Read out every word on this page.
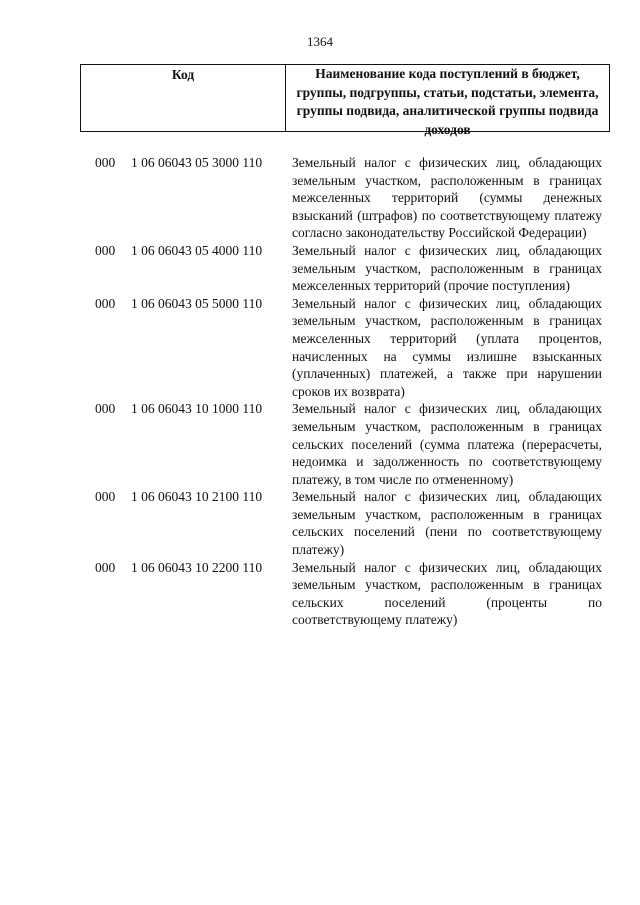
1364
Код	Наименование кода поступлений в бюджет, группы, подгруппы, статьи, подстатьи, элемента, группы подвида, аналитической группы подвида доходов
000 1 06 06043 05 3000 110 Земельный налог с физических лиц, обладающих земельным участком, расположенным в границах межселенных территорий (суммы денежных взысканий (штрафов) по соответствующему платежу согласно законодательству Российской Федерации)
000 1 06 06043 05 4000 110 Земельный налог с физических лиц, обладающих земельным участком, расположенным в границах межселенных территорий (прочие поступления)
000 1 06 06043 05 5000 110 Земельный налог с физических лиц, обладающих земельным участком, расположенным в границах межселенных территорий (уплата процентов, начисленных на суммы излишне взысканных (уплаченных) платежей, а также при нарушении сроков их возврата)
000 1 06 06043 10 1000 110 Земельный налог с физических лиц, обладающих земельным участком, расположенным в границах сельских поселений (сумма платежа (перерасчеты, недоимка и задолженность по соответствующему платежу, в том числе по отмененному)
000 1 06 06043 10 2100 110 Земельный налог с физических лиц, обладающих земельным участком, расположенным в границах сельских поселений (пени по соответствующему платежу)
000 1 06 06043 10 2200 110 Земельный налог с физических лиц, обладающих земельным участком, расположенным в границах сельских поселений (проценты по соответствующему платежу)
